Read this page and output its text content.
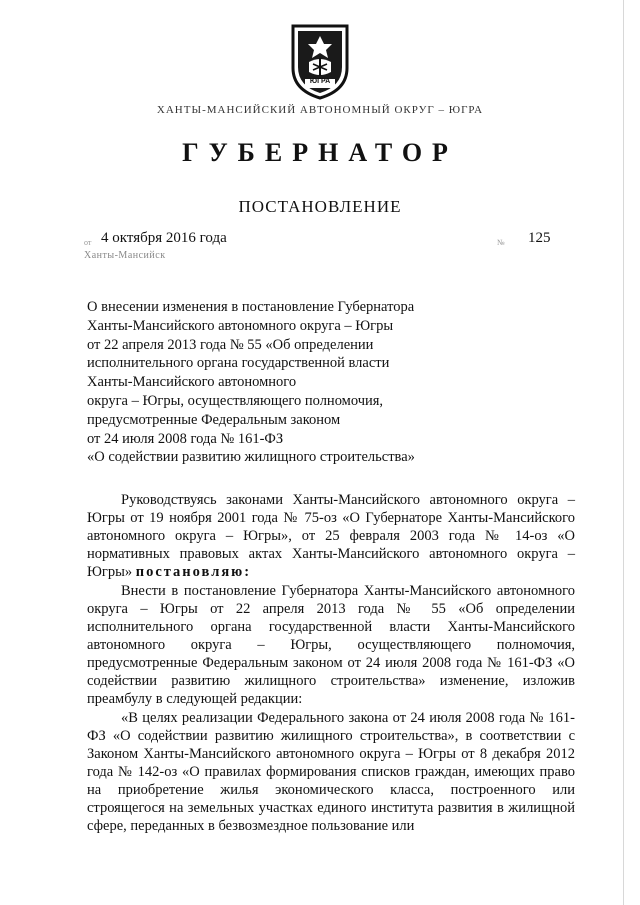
ЮГРА
ХАНТЫ-МАНСИЙСКИЙ АВТОНОМНЫЙ ОКРУГ – ЮГРА
ГУБЕРНАТОР
ПОСТАНОВЛЕНИЕ
от 4 октября 2016 года	№ 125
Ханты-Мансийск
О внесении изменения в постановление Губернатора
Ханты-Мансийского автономного округа – Югры
от 22 апреля 2013 года № 55 «Об определении
исполнительного органа государственной власти
Ханты-Мансийского автономного
округа – Югры, осуществляющего полномочия,
предусмотренные Федеральным законом
от 24 июля 2008 года № 161-ФЗ
«О содействии развитию жилищного строительства»

Руководствуясь законами Ханты-Мансийского автономного округа – Югры от 19 ноября 2001 года № 75-оз «О Губернаторе Ханты-Мансийского автономного округа – Югры», от 25 февраля 2003 года № 14-оз «О нормативных правовых актах Ханты-Мансийского автономного округа – Югры» постановляю:

Внести в постановление Губернатора Ханты-Мансийского автономного округа – Югры от 22 апреля 2013 года № 55 «Об определении исполнительного органа государственной власти Ханты-Мансийского автономного округа – Югры, осуществляющего полномочия, предусмотренные Федеральным законом от 24 июля 2008 года № 161-ФЗ «О содействии развитию жилищного строительства» изменение, изложив преамбулу в следующей редакции:

«В целях реализации Федерального закона от 24 июля 2008 года № 161-ФЗ «О содействии развитию жилищного строительства», в соответствии с Законом Ханты-Мансийского автономного округа – Югры от 8 декабря 2012 года № 142-оз «О правилах формирования списков граждан, имеющих право на приобретение жилья экономического класса, построенного или строящегося на земельных участках единого института развития в жилищной сфере, переданных в безвозмездное пользование или
